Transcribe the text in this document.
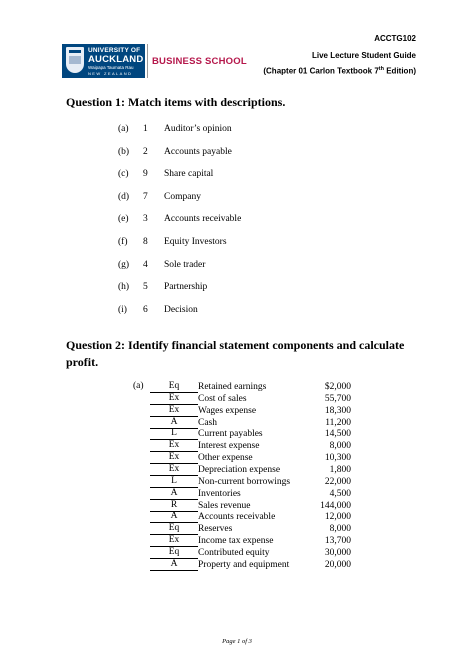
UNIVERSITY OF
AUCKLAND
Waipapa Taumata Rau
NEW ZEALAND
BUSINESS SCHOOL
ACCTG102
Live Lecture Student Guide
(Chapter 01 Carlon Textbook 7th Edition)
Question 1: Match items with descriptions.
(a) 1 Auditor’s opinion
(b) 2 Accounts payable
(c) 9 Share capital
(d) 7 Company
(e) 3 Accounts receivable
(f) 8 Equity Investors
(g) 4 Sole trader
(h) 5 Partnership
(i) 6 Decision
Question 2: Identify financial statement components and calculate
profit.
(a)	Eq	Retained earnings	$2,000
Ex	Cost of sales	55,700
Ex	Wages expense	18,300
A	Cash	11,200
L	Current payables	14,500
Ex	Interest expense	8,000
Ex	Other expense	10,300
Ex	Depreciation expense	1,800
L	Non-current borrowings	22,000
A	Inventories	4,500
R	Sales revenue	144,000
A	Accounts receivable	12,000
Eq	Reserves	8,000
Ex	Income tax expense	13,700
Eq	Contributed equity	30,000
A	Property and equipment	20,000
Page 1 of 3
